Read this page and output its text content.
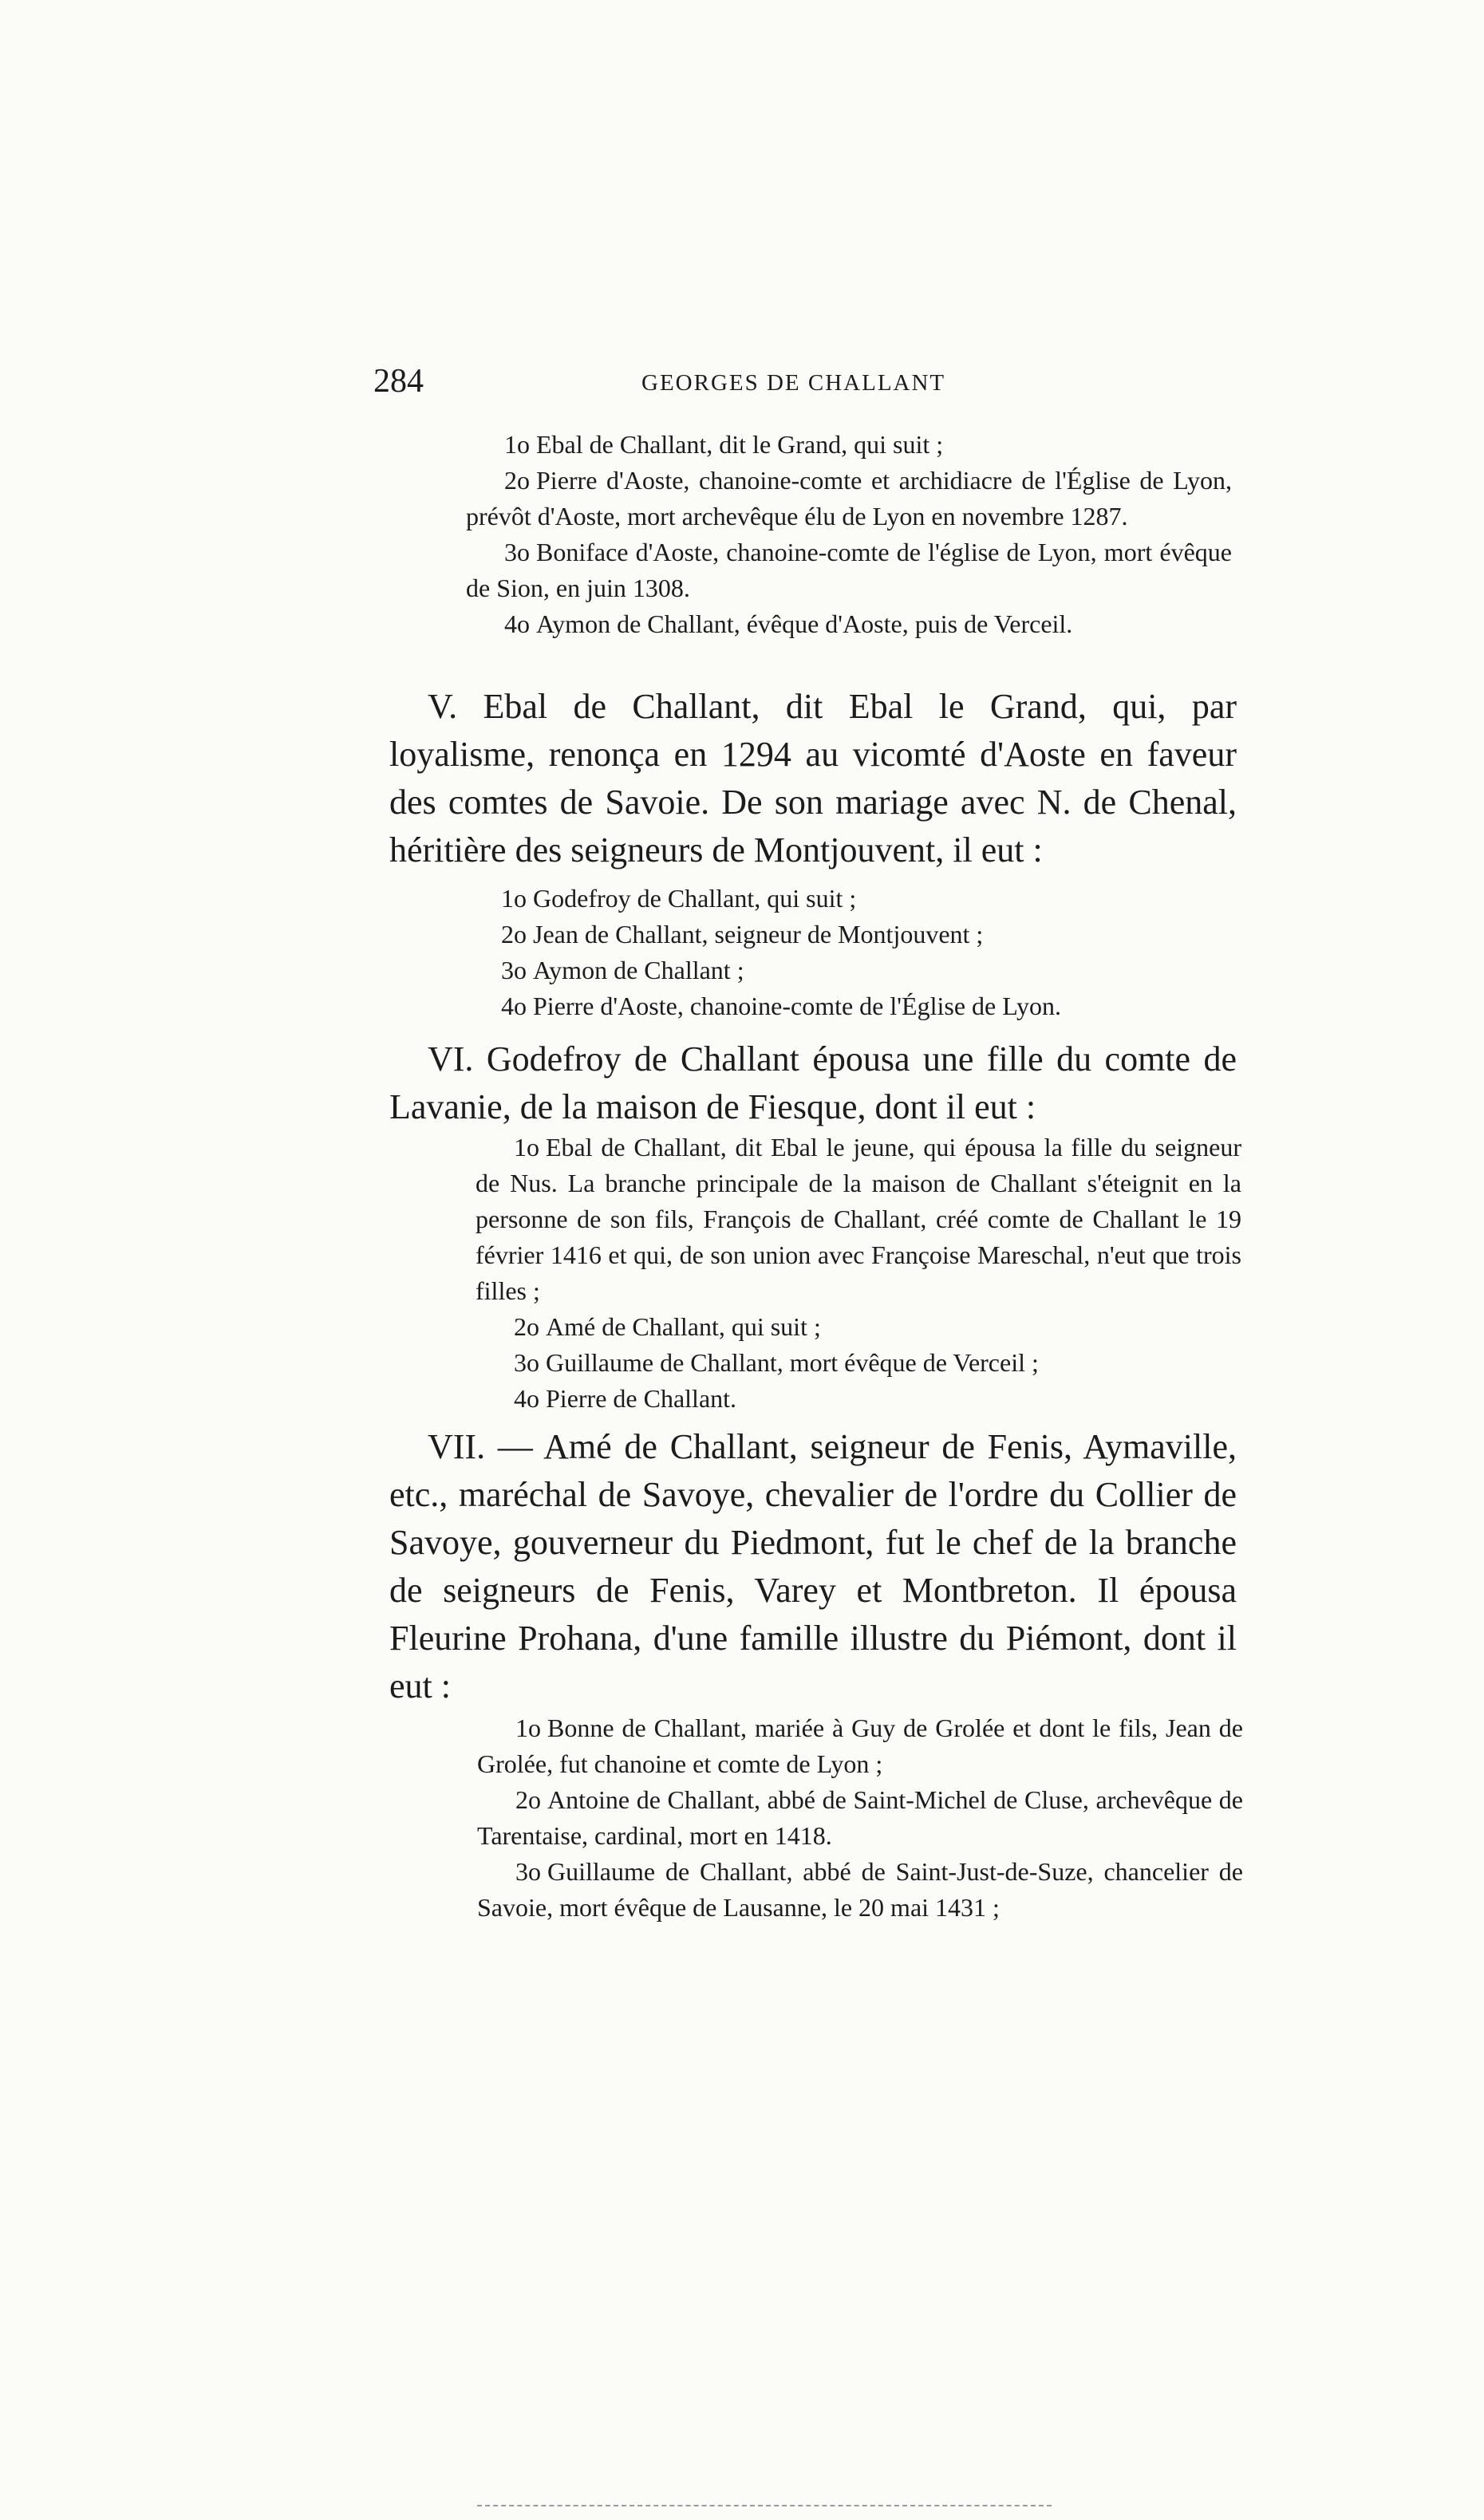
284	GEORGES DE CHALLANT

1o Ebal de Challant, dit le Grand, qui suit ;

2o Pierre d'Aoste, chanoine-comte et archidiacre de l'Église de Lyon, prévôt d'Aoste, mort archevêque élu de Lyon en novembre 1287.

3o Boniface d'Aoste, chanoine-comte de l'église de Lyon, mort évêque de Sion, en juin 1308.

4o Aymon de Challant, évêque d'Aoste, puis de Verceil.

V. Ebal de Challant, dit Ebal le Grand, qui, par loyalisme, renonça en 1294 au vicomté d'Aoste en faveur des comtes de Savoie. De son mariage avec N. de Chenal, héritière des seigneurs de Montjouvent, il eut :

1o Godefroy de Challant, qui suit ;

2o Jean de Challant, seigneur de Montjouvent ;

3o Aymon de Challant ;

4o Pierre d'Aoste, chanoine-comte de l'Église de Lyon.

VI. Godefroy de Challant épousa une fille du comte de Lavanie, de la maison de Fiesque, dont il eut :

1o Ebal de Challant, dit Ebal le jeune, qui épousa la fille du seigneur de Nus. La branche principale de la maison de Challant s'éteignit en la personne de son fils, François de Challant, créé comte de Challant le 19 février 1416 et qui, de son union avec Françoise Mareschal, n'eut que trois filles ;

2o Amé de Challant, qui suit ;

3o Guillaume de Challant, mort évêque de Verceil ;

4o Pierre de Challant.

VII. — Amé de Challant, seigneur de Fenis, Aymaville, etc., maréchal de Savoye, chevalier de l'ordre du Collier de Savoye, gouverneur du Piedmont, fut le chef de la branche de seigneurs de Fenis, Varey et Montbreton. Il épousa Fleurine Prohana, d'une famille illustre du Piémont, dont il eut :

1o Bonne de Challant, mariée à Guy de Grolée et dont le fils, Jean de Grolée, fut chanoine et comte de Lyon ;

2o Antoine de Challant, abbé de Saint-Michel de Cluse, archevêque de Tarentaise, cardinal, mort en 1418.

3o Guillaume de Challant, abbé de Saint-Just-de-Suze, chancelier de Savoie, mort évêque de Lausanne, le 20 mai 1431 ;
